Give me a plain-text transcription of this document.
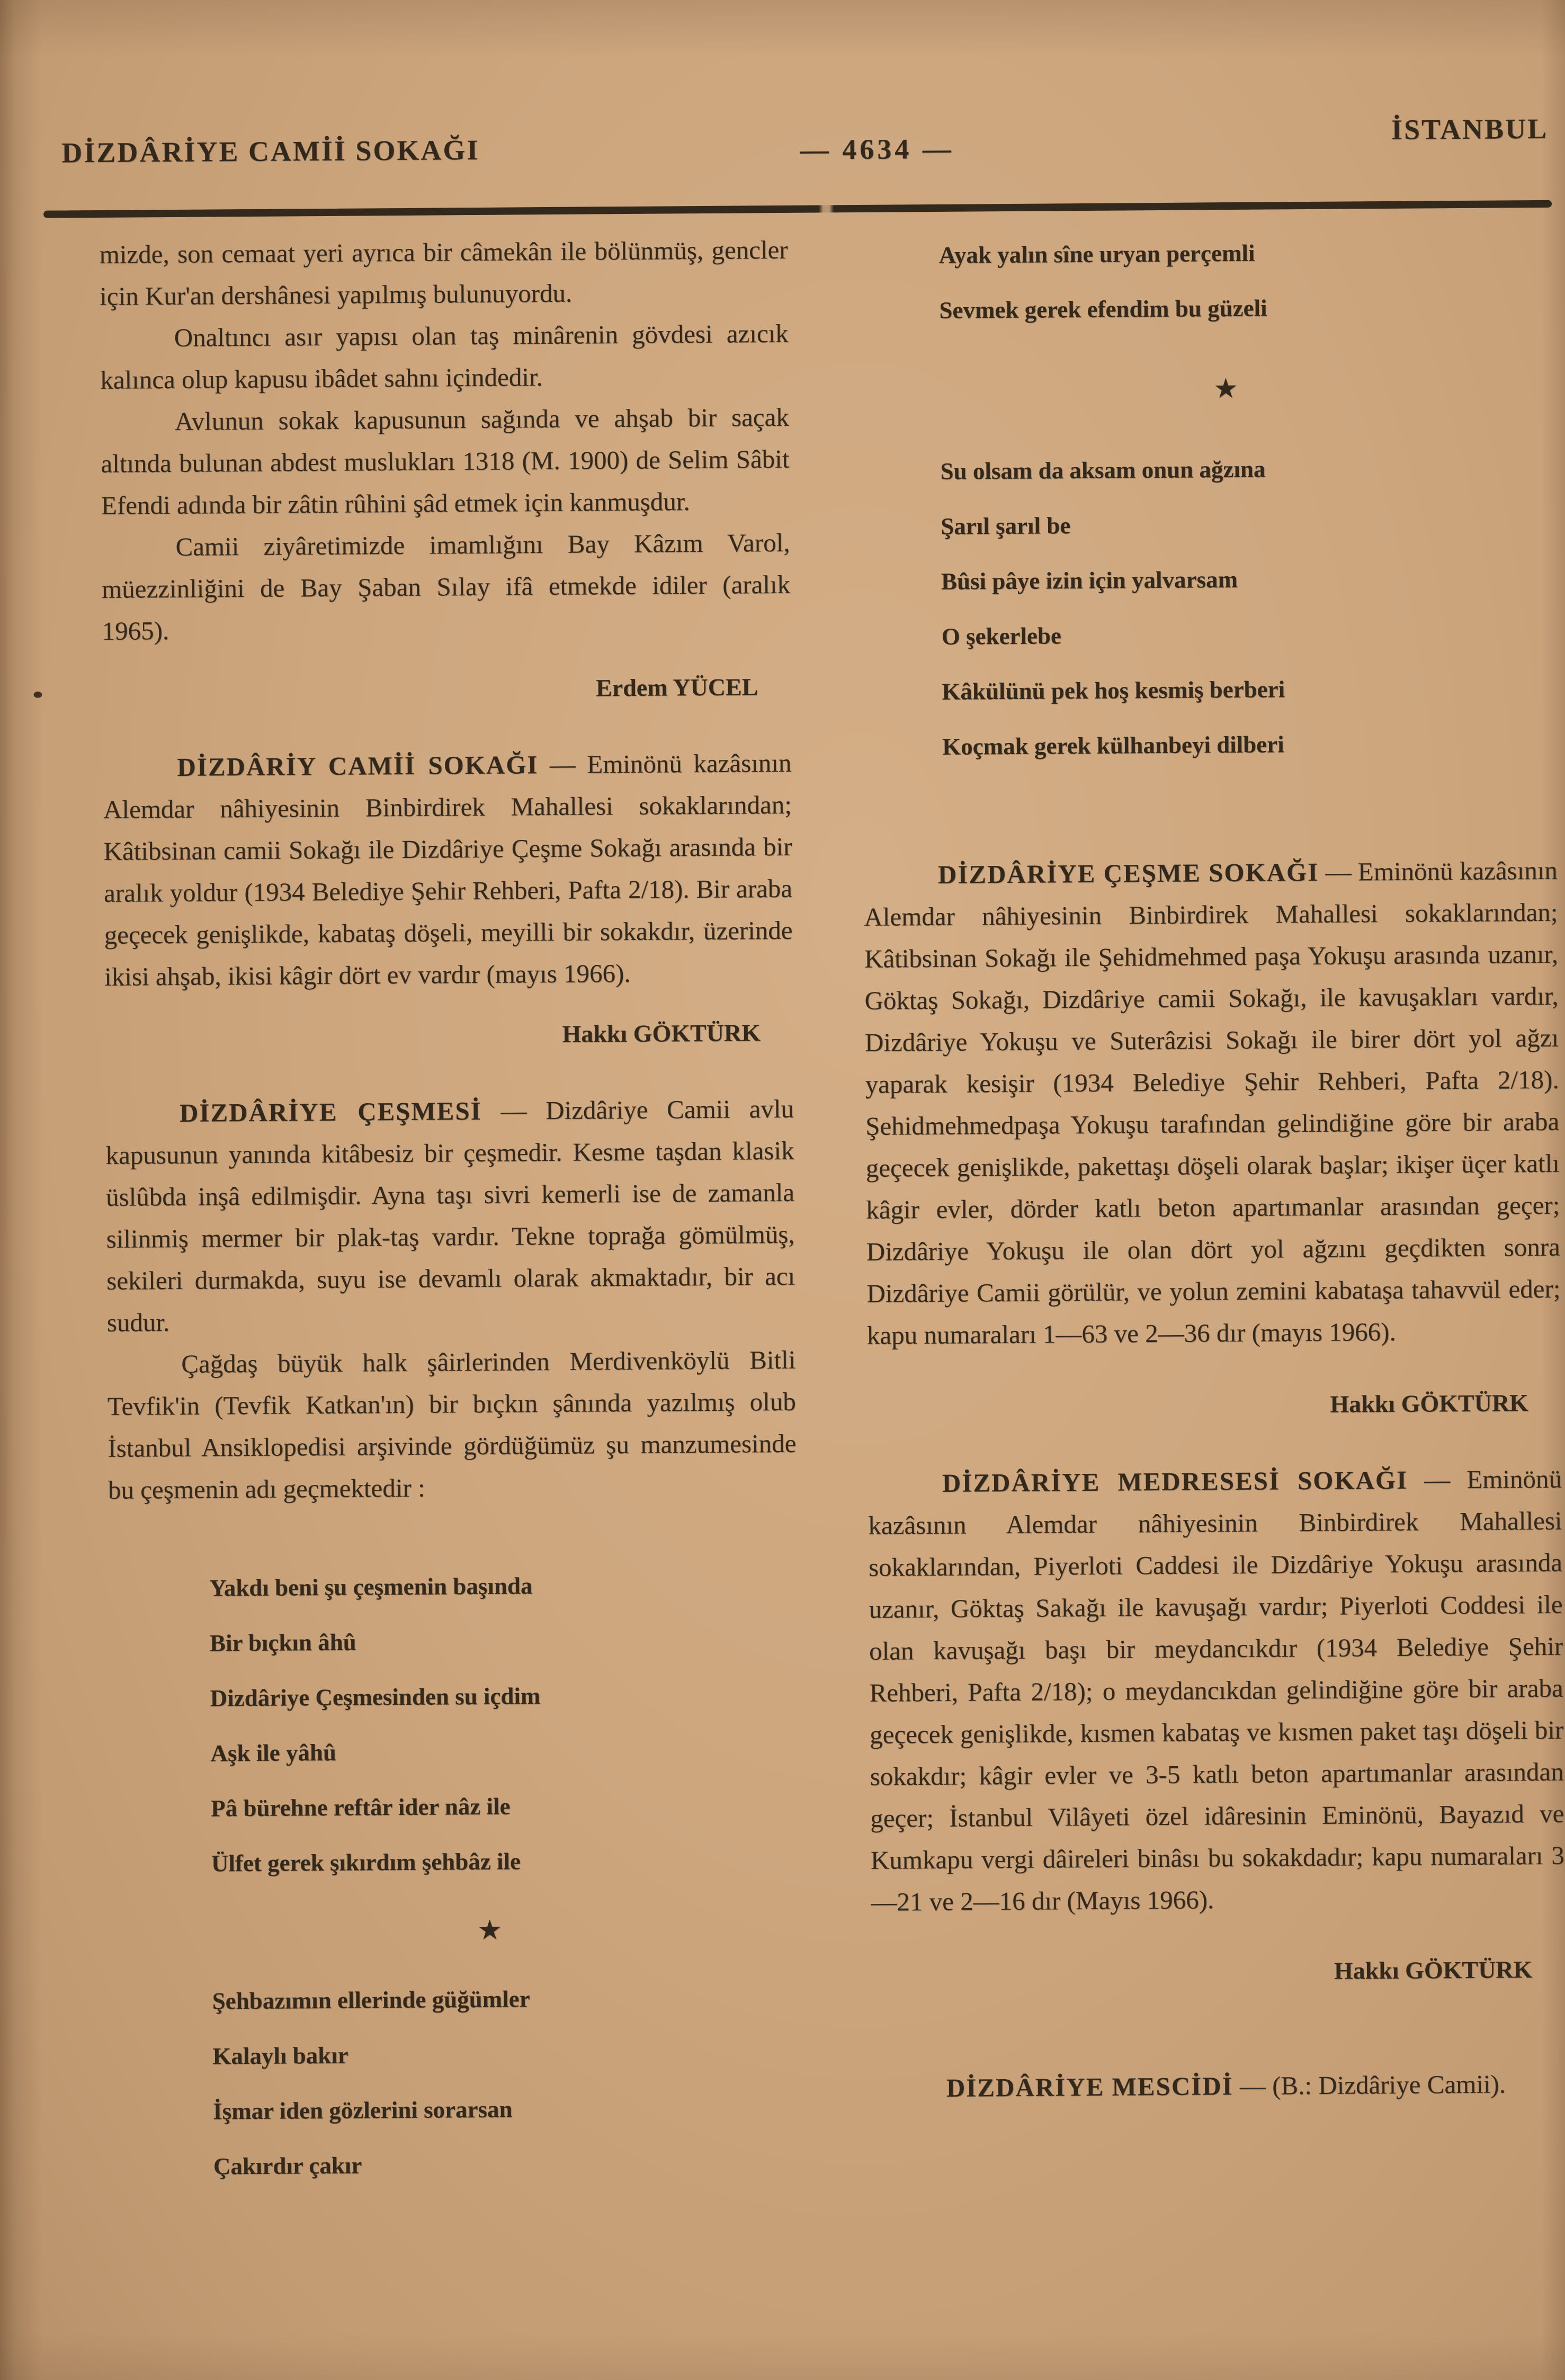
DİZDÂRİYE CAMİİ SOKAĞI	— 4634 —
İSTANBUL

mizde, son cemaat yeri ayrıca bir câmekân ile bölünmüş, gencler için Kur'an dershânesi yapılmış bulunuyordu.

Onaltıncı asır yapısı olan taş minârenin gövdesi azıcık kalınca olup kapusu ibâdet sahnı içindedir.

Avlunun sokak kapusunun sağında ve ahşab bir saçak altında bulunan abdest muslukları 1318 (M. 1900) de Selim Sâbit Efendi adında bir zâtin rûhini şâd etmek için kanmuşdur.

Camii ziyâretimizde imamlığını Bay Kâzım Varol, müezzinliğini de Bay Şaban Sılay ifâ etmekde idiler (aralık 1965).

Erdem YÜCEL

DİZDÂRİY CAMİİ SOKAĞI — Eminönü kazâsının Alemdar nâhiyesinin Binbirdirek Mahallesi sokaklarından; Kâtibsinan camii Sokağı ile Dizdâriye Çeşme Sokağı arasında bir aralık yoldur (1934 Belediye Şehir Rehberi, Pafta 2/18). Bir araba geçecek genişlikde, kabataş döşeli, meyilli bir sokakdır, üzerinde ikisi ahşab, ikisi kâgir dört ev vardır (mayıs 1966).

Hakkı GÖKTÜRK

DİZDÂRİYE ÇEŞMESİ — Dizdâriye Camii avlu kapusunun yanında kitâbesiz bir çeşmedir. Kesme taşdan klasik üslûbda inşâ edilmişdir. Ayna taşı sivri kemerli ise de zamanla silinmiş mermer bir plak-taş vardır. Tekne toprağa gömülmüş, sekileri durmakda, suyu ise devamlı olarak akmaktadır, bir acı sudur.

Çağdaş büyük halk şâirlerinden Merdivenköylü Bitli Tevfik'in (Tevfik Katkan'ın) bir bıçkın şânında yazılmış olub İstanbul Ansiklopedisi arşivinde gördüğümüz şu manzumesinde bu çeşmenin adı geçmektedir :

Yakdı beni şu çeşmenin başında
Bir bıçkın âhû
Dizdâriye Çeşmesinden su içdim
Aşk ile yâhû
Pâ bürehne reftâr ider nâz ile
Ülfet gerek şıkırdım şehbâz ile
★
Şehbazımın ellerinde güğümler
Kalaylı bakır
İşmar iden gözlerini sorarsan
Çakırdır çakır
Ayak yalın sîne uryan perçemli
Sevmek gerek efendim bu güzeli
★
Su olsam da aksam onun ağzına
Şarıl şarıl be
Bûsi pâye izin için yalvarsam
O şekerlebe
Kâkülünü pek hoş kesmiş berberi
Koçmak gerek külhanbeyi dilberi

DİZDÂRİYE ÇEŞME SOKAĞI — Eminönü kazâsının Alemdar nâhiyesinin Binbirdirek Mahallesi sokaklarından; Kâtibsinan Sokağı ile Şehidmehmed paşa Yokuşu arasında uzanır, Göktaş Sokağı, Dizdâriye camii Sokağı, ile kavuşakları vardır, Dizdâriye Yokuşu ve Suterâzisi Sokağı ile birer dört yol ağzı yaparak kesişir (1934 Belediye Şehir Rehberi, Pafta 2/18). Şehidmehmedpaşa Yokuşu tarafından gelindiğine göre bir araba geçecek genişlikde, pakettaşı döşeli olarak başlar; ikişer üçer katlı kâgir evler, dörder katlı beton apartımanlar arasından geçer; Dizdâriye Yokuşu ile olan dört yol ağzını geçdikten sonra Dizdâriye Camii görülür, ve yolun zemini kabataşa tahavvül eder; kapu numaraları 1—63 ve 2—36 dır (mayıs 1966).

Hakkı GÖKTÜRK

DİZDÂRİYE MEDRESESİ SOKAĞI — Eminönü kazâsının Alemdar nâhiyesinin Binbirdirek Mahallesi sokaklarından, Piyerloti Caddesi ile Dizdâriye Yokuşu arasında uzanır, Göktaş Sakağı ile kavuşağı vardır; Piyerloti Coddesi ile olan kavuşağı başı bir meydancıkdır (1934 Belediye Şehir Rehberi, Pafta 2/18); o meydancıkdan gelindiğine göre bir araba geçecek genişlikde, kısmen kabataş ve kısmen paket taşı döşeli bir sokakdır; kâgir evler ve 3-5 katlı beton apartımanlar arasından geçer; İstanbul Vilâyeti özel idâresinin Eminönü, Bayazıd ve Kumkapu vergi dâireleri binâsı bu sokakdadır; kapu numaraları 3—21 ve 2—16 dır (Mayıs 1966).

Hakkı GÖKTÜRK

DİZDÂRİYE MESCİDİ — (B.: Dizdâriye Camii).
